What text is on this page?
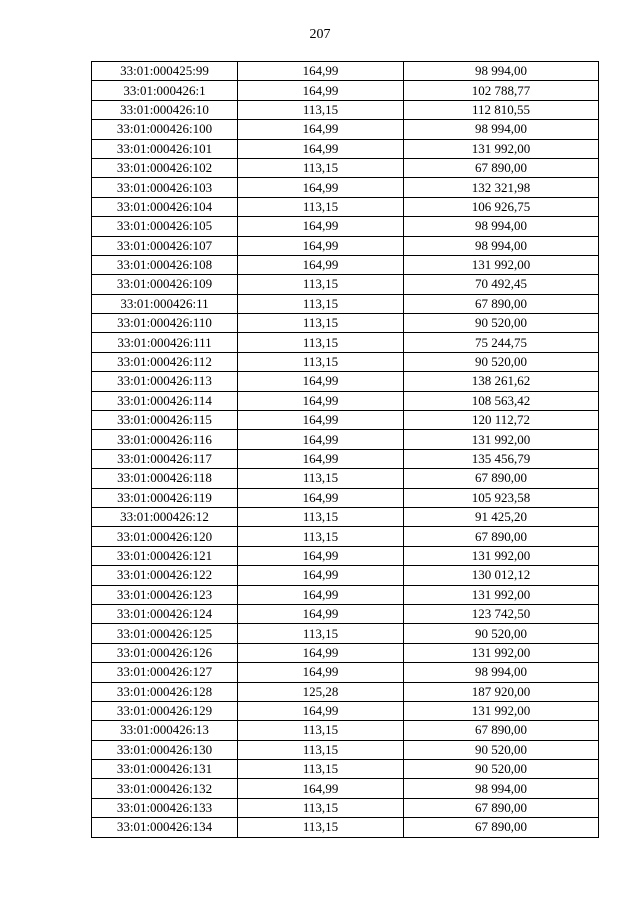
207
33:01:000425:99	164,99	98 994,00
33:01:000426:1	164,99	102 788,77
33:01:000426:10	113,15	112 810,55
33:01:000426:100	164,99	98 994,00
33:01:000426:101	164,99	131 992,00
33:01:000426:102	113,15	67 890,00
33:01:000426:103	164,99	132 321,98
33:01:000426:104	113,15	106 926,75
33:01:000426:105	164,99	98 994,00
33:01:000426:107	164,99	98 994,00
33:01:000426:108	164,99	131 992,00
33:01:000426:109	113,15	70 492,45
33:01:000426:11	113,15	67 890,00
33:01:000426:110	113,15	90 520,00
33:01:000426:111	113,15	75 244,75
33:01:000426:112	113,15	90 520,00
33:01:000426:113	164,99	138 261,62
33:01:000426:114	164,99	108 563,42
33:01:000426:115	164,99	120 112,72
33:01:000426:116	164,99	131 992,00
33:01:000426:117	164,99	135 456,79
33:01:000426:118	113,15	67 890,00
33:01:000426:119	164,99	105 923,58
33:01:000426:12	113,15	91 425,20
33:01:000426:120	113,15	67 890,00
33:01:000426:121	164,99	131 992,00
33:01:000426:122	164,99	130 012,12
33:01:000426:123	164,99	131 992,00
33:01:000426:124	164,99	123 742,50
33:01:000426:125	113,15	90 520,00
33:01:000426:126	164,99	131 992,00
33:01:000426:127	164,99	98 994,00
33:01:000426:128	125,28	187 920,00
33:01:000426:129	164,99	131 992,00
33:01:000426:13	113,15	67 890,00
33:01:000426:130	113,15	90 520,00
33:01:000426:131	113,15	90 520,00
33:01:000426:132	164,99	98 994,00
33:01:000426:133	113,15	67 890,00
33:01:000426:134	113,15	67 890,00
